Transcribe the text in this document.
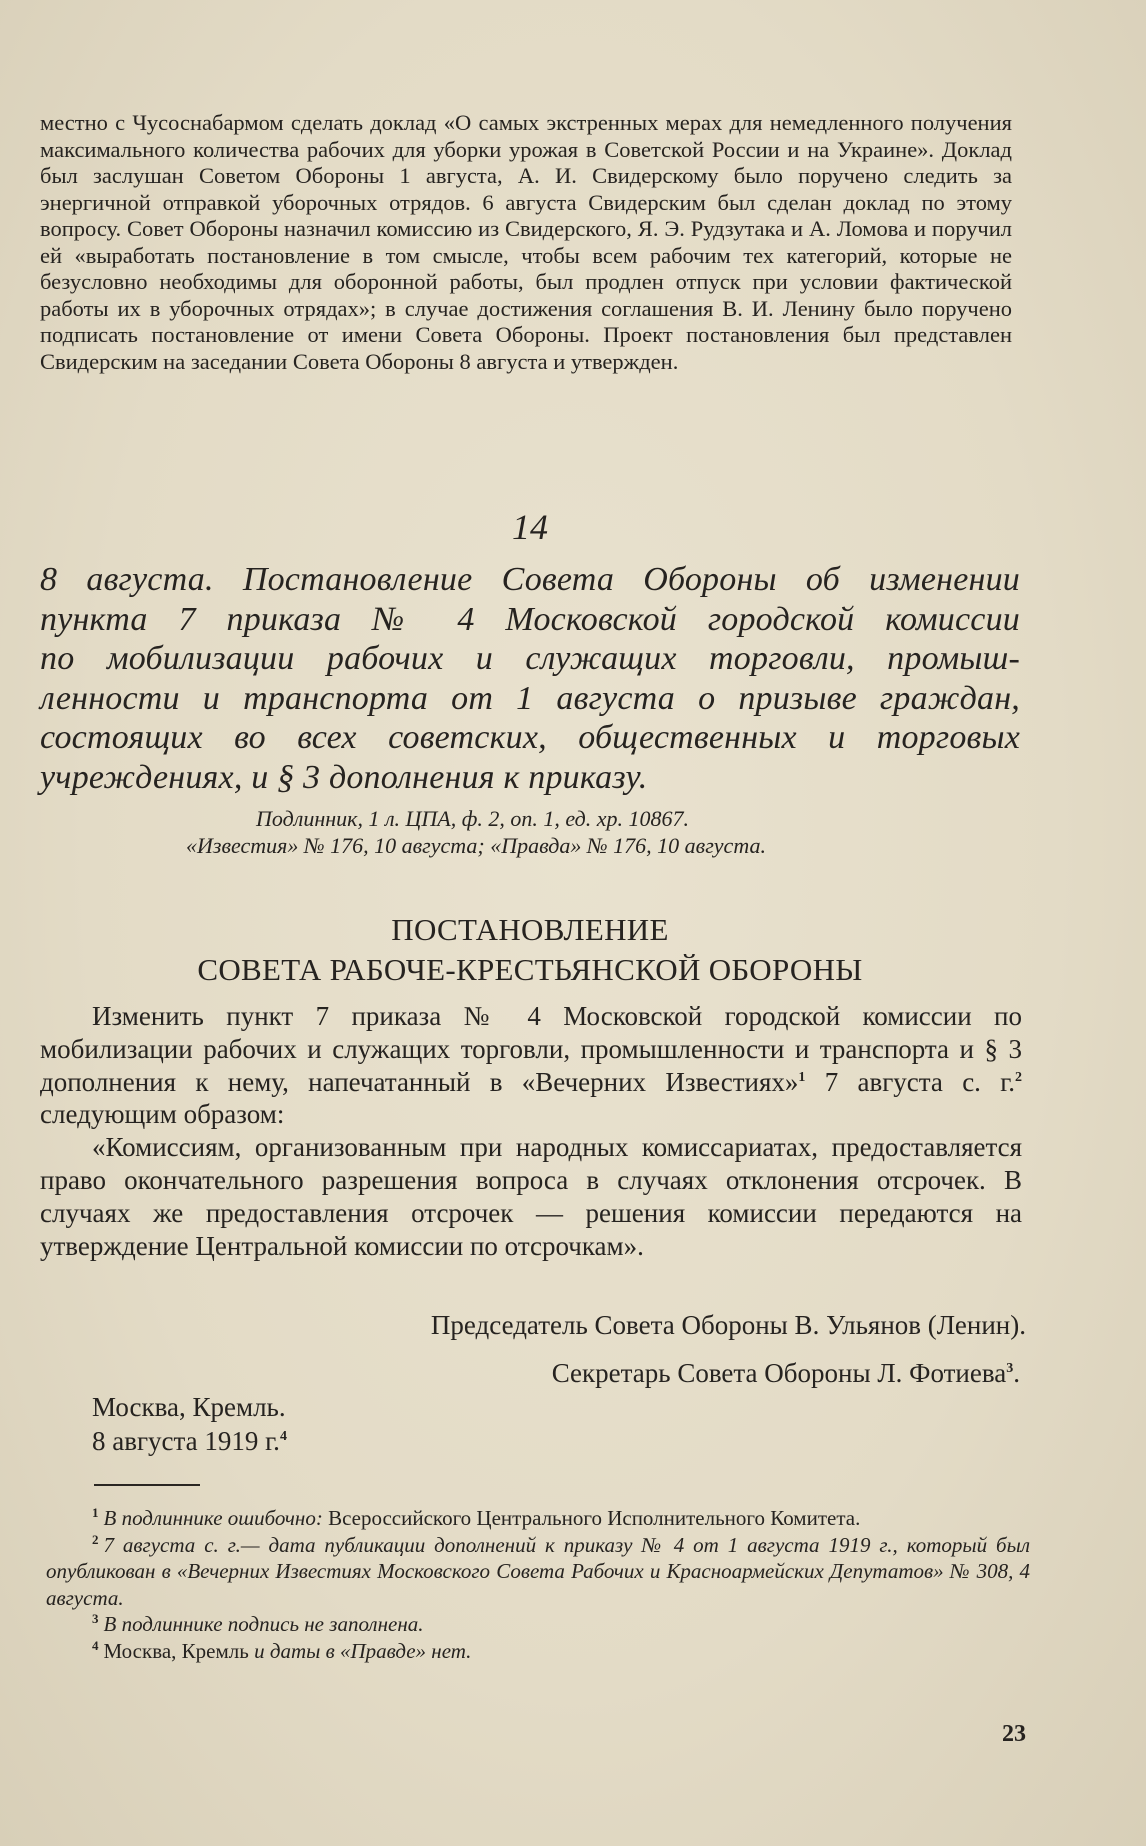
местно с Чусоснабармом сделать доклад «О самых экстренных мерах для немедленного получения максимального количества рабочих для уборки урожая в Советской России и на Украине». Доклад был заслушан Советом Обороны 1 августа, А. И. Свидерскому было поручено следить за энергичной отправкой уборочных отрядов. 6 августа Свидерским был сделан доклад по этому вопросу. Совет Обороны назначил комиссию из Свидерского, Я. Э. Рудзутака и А. Ломова и поручил ей «выработать постановление в том смысле, чтобы всем рабочим тех категорий, которые не безусловно необходимы для оборонной работы, был продлен отпуск при условии фактической работы их в уборочных отрядах»; в случае достижения соглашения В. И. Ленину было поручено подписать постановление от имени Совета Обороны. Проект постановления был представлен Свидерским на заседании Совета Обороны 8 августа и утвержден.

14
8 августа. Постановление Совета Обороны об изменении
пункта 7 приказа № 4 Московской городской комиссии
по мобилизации рабочих и служащих торговли, промыш-
ленности и транспорта от 1 августа о призыве граждан,
состоящих во всех советских, общественных и торговых
учреждениях, и § 3 дополнения к приказу.
Подлинник, 1 л. ЦПА, ф. 2, оп. 1, ед. хр. 10867.
«Известия» № 176, 10 августа; «Правда» № 176, 10 августа.
ПОСТАНОВЛЕНИЕ
СОВЕТА РАБОЧЕ-КРЕСТЬЯНСКОЙ ОБОРОНЫ

Изменить пункт 7 приказа № 4 Московской городской комиссии по мобилизации рабочих и служащих торговли, промышленности и транспорта и § 3 дополнения к нему, напечатанный в «Вечерних Известиях»$^1$ 7 августа с. г.$^2$ следующим образом:

«Комиссиям, организованным при народных комиссариатах, предоставляется право окончательного разрешения вопроса в случаях отклонения отсрочек. В случаях же предоставления отсрочек — решения комиссии передаются на утверждение Центральной комиссии по отсрочкам».

Председатель Совета Обороны В. Ульянов (Ленин).
Секретарь Совета Обороны Л. Фотиева$^3$.
Москва, Кремль.
8 августа 1919 г.$^4$
$^1$ В подлиннике ошибочно: Всероссийского Центрального Исполнительного Комитета.
$^2$ 7 августа с. г.— дата публикации дополнений к приказу № 4 от 1 августа 1919 г., который был опубликован в «Вечерних Известиях Московского Совета Рабочих и Красноармейских Депутатов» № 308, 4 августа.
$^3$ В подлиннике подпись не заполнена.
$^4$ Москва, Кремль и даты в «Правде» нет.
23
